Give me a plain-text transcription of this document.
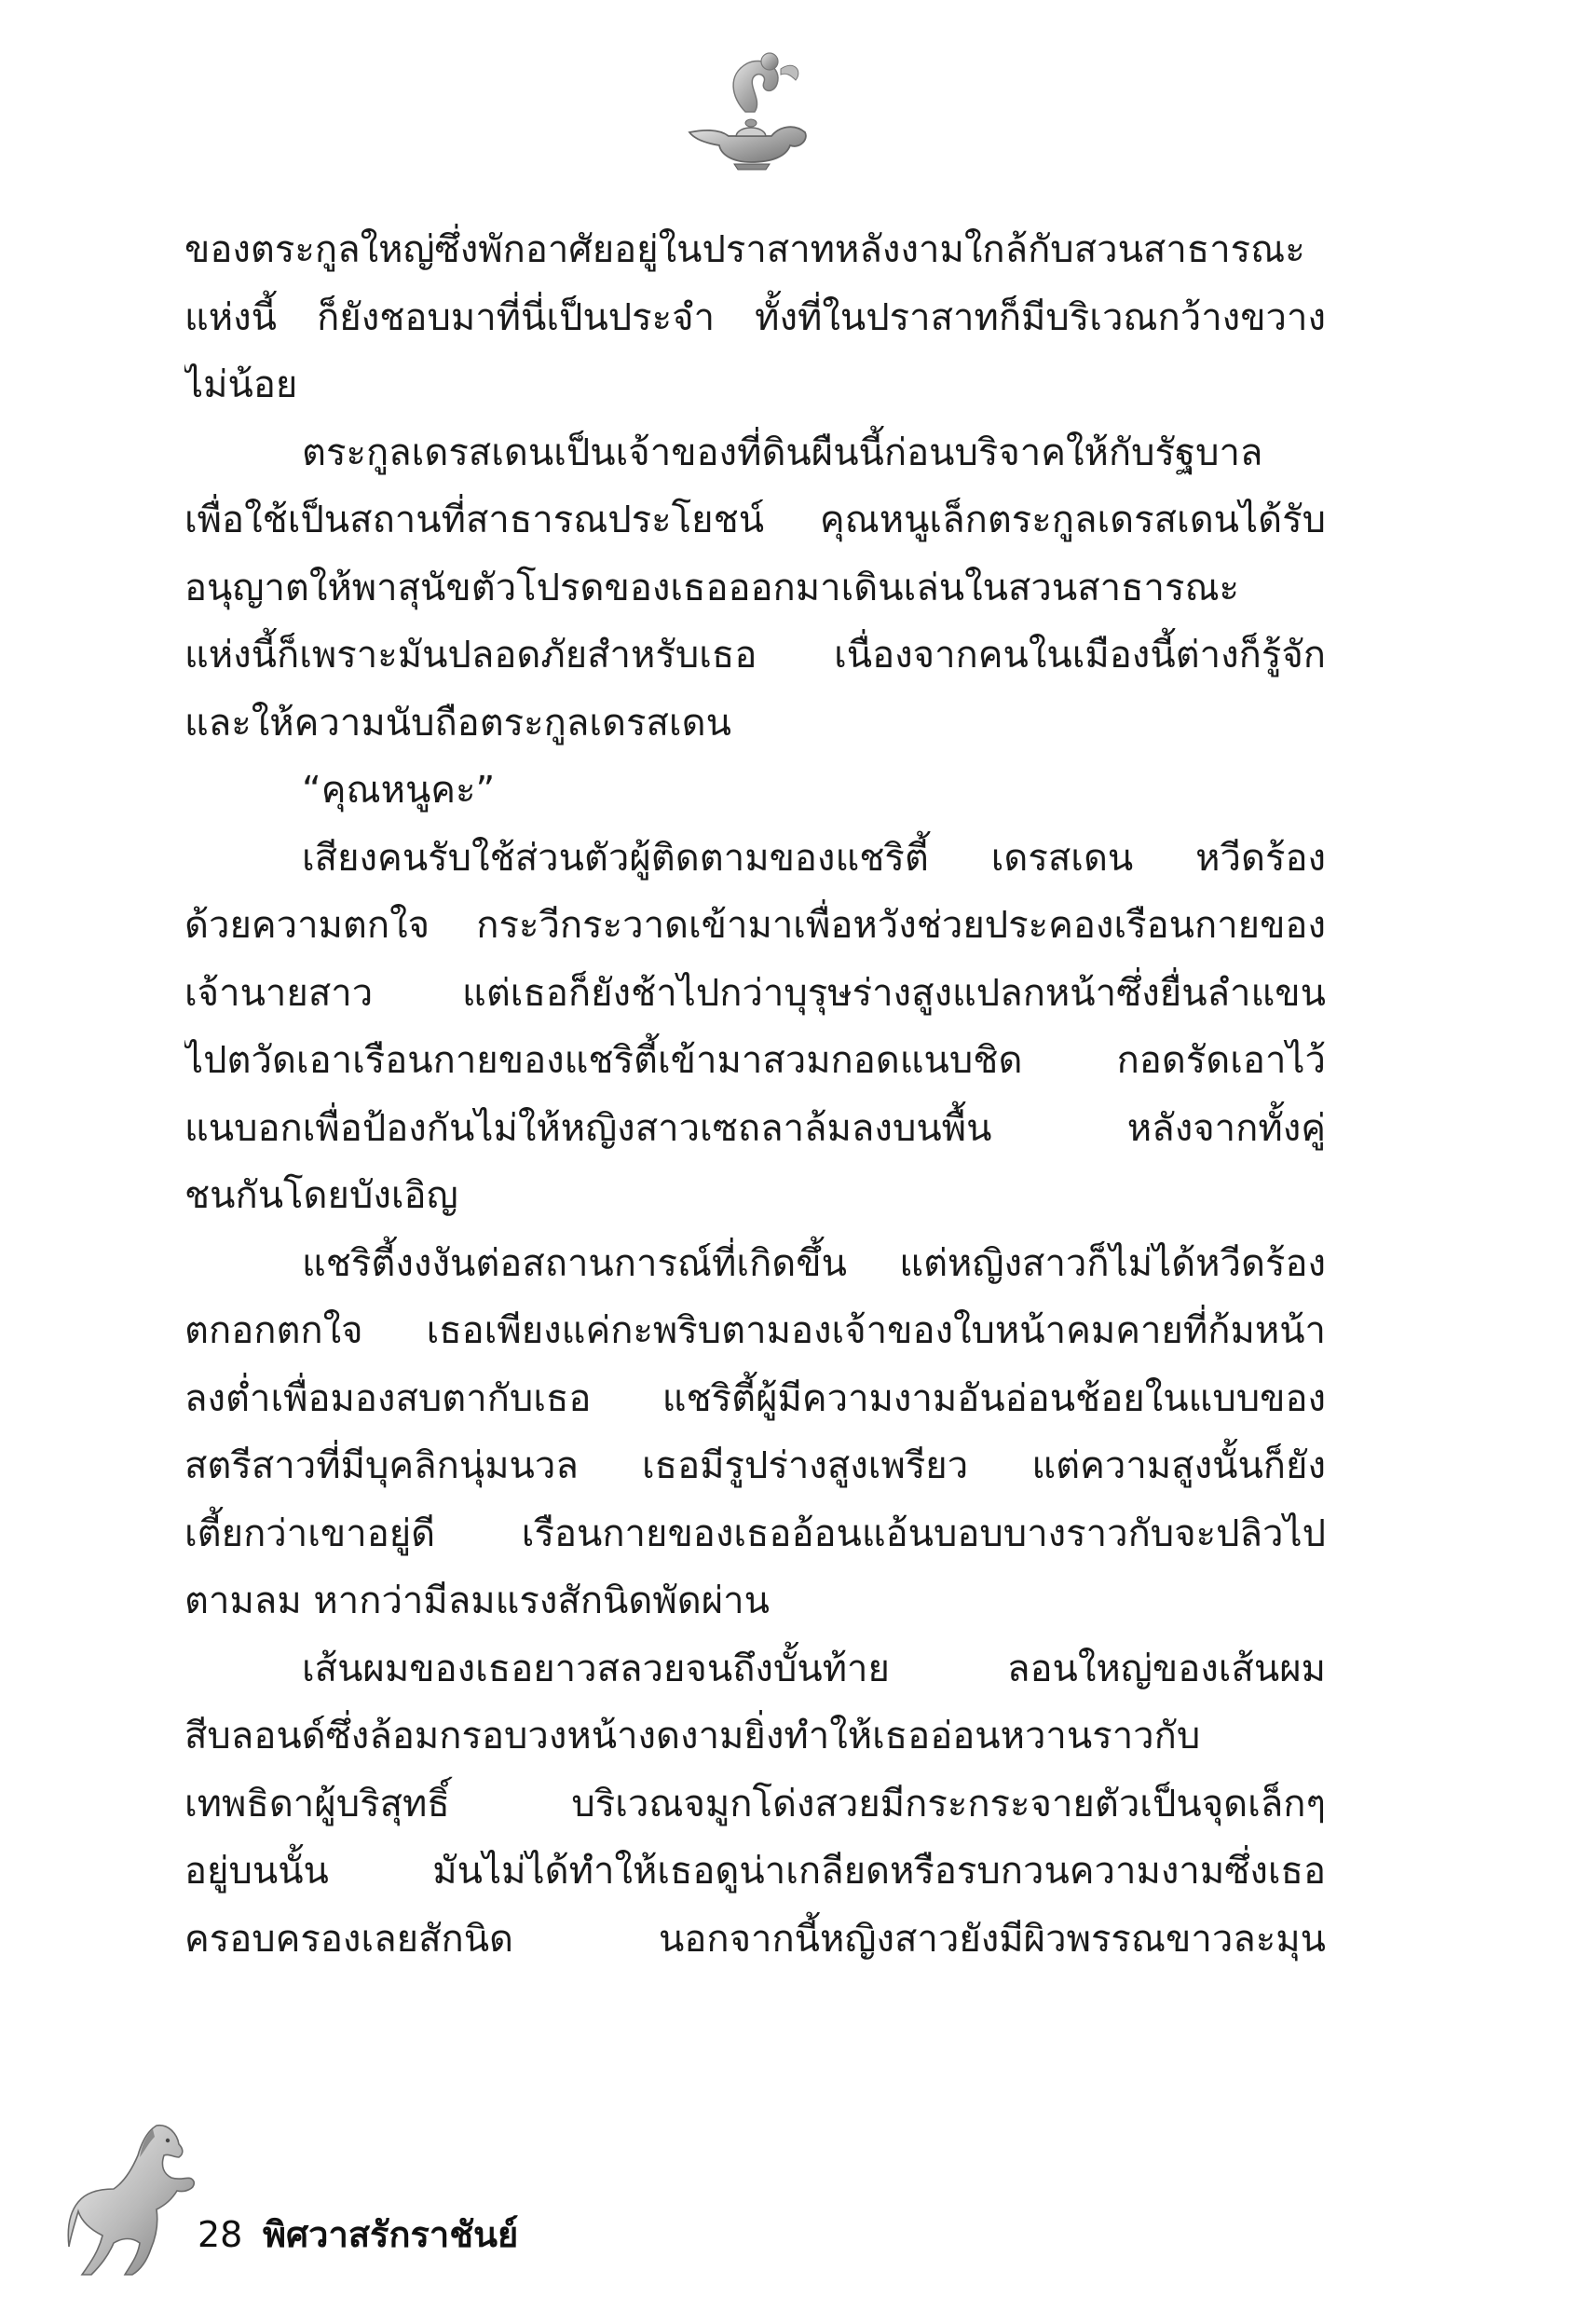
ของตระกูลใหญ่ซึ่งพักอาศัยอยู่ในปราสาทหลังงามใกล้กับสวนสาธารณะ
แห่งนี้ ก็ยังชอบมาที่นี่เป็นประจำ ทั้งที่ในปราสาทก็มีบริเวณกว้างขวาง
ไม่น้อย
ตระกูลเดรสเดนเป็นเจ้าของที่ดินผืนนี้ก่อนบริจาคให้กับรัฐบาล
เพื่อใช้เป็นสถานที่สาธารณประโยชน์ คุณหนูเล็กตระกูลเดรสเดนได้รับ
อนุญาตให้พาสุนัขตัวโปรดของเธอออกมาเดินเล่นในสวนสาธารณะ
แห่งนี้ก็เพราะมันปลอดภัยสำหรับเธอ เนื่องจากคนในเมืองนี้ต่างก็รู้จัก
และให้ความนับถือตระกูลเดรสเดน
“คุณหนูคะ”
เสียงคนรับใช้ส่วนตัวผู้ติดตามของแชริตี้ เดรสเดน หวีดร้อง
ด้วยความตกใจ กระวีกระวาดเข้ามาเพื่อหวังช่วยประคองเรือนกายของ
เจ้านายสาว แต่เธอก็ยังช้าไปกว่าบุรุษร่างสูงแปลกหน้าซึ่งยื่นลำแขน
ไปตวัดเอาเรือนกายของแชริตี้เข้ามาสวมกอดแนบชิด กอดรัดเอาไว้
แนบอกเพื่อป้องกันไม่ให้หญิงสาวเซถลาล้มลงบนพื้น หลังจากทั้งคู่
ชนกันโดยบังเอิญ
แชริตี้งงงันต่อสถานการณ์ที่เกิดขึ้น แต่หญิงสาวก็ไม่ได้หวีดร้อง
ตกอกตกใจ เธอเพียงแค่กะพริบตามองเจ้าของใบหน้าคมคายที่ก้มหน้า
ลงต่ำเพื่อมองสบตากับเธอ แชริตี้ผู้มีความงามอันอ่อนช้อยในแบบของ
สตรีสาวที่มีบุคลิกนุ่มนวล เธอมีรูปร่างสูงเพรียว แต่ความสูงนั้นก็ยัง
เตี้ยกว่าเขาอยู่ดี เรือนกายของเธออ้อนแอ้นบอบบางราวกับจะปลิวไป
ตามลม หากว่ามีลมแรงสักนิดพัดผ่าน
เส้นผมของเธอยาวสลวยจนถึงบั้นท้าย ลอนใหญ่ของเส้นผม
สีบลอนด์ซึ่งล้อมกรอบวงหน้างดงามยิ่งทำให้เธออ่อนหวานราวกับ
เทพธิดาผู้บริสุทธิ์ บริเวณจมูกโด่งสวยมีกระกระจายตัวเป็นจุดเล็กๆ
อยู่บนนั้น มันไม่ได้ทำให้เธอดูน่าเกลียดหรือรบกวนความงามซึ่งเธอ
ครอบครองเลยสักนิด นอกจากนี้หญิงสาวยังมีผิวพรรณขาวละมุน
28 พิศวาสรักราชันย์
